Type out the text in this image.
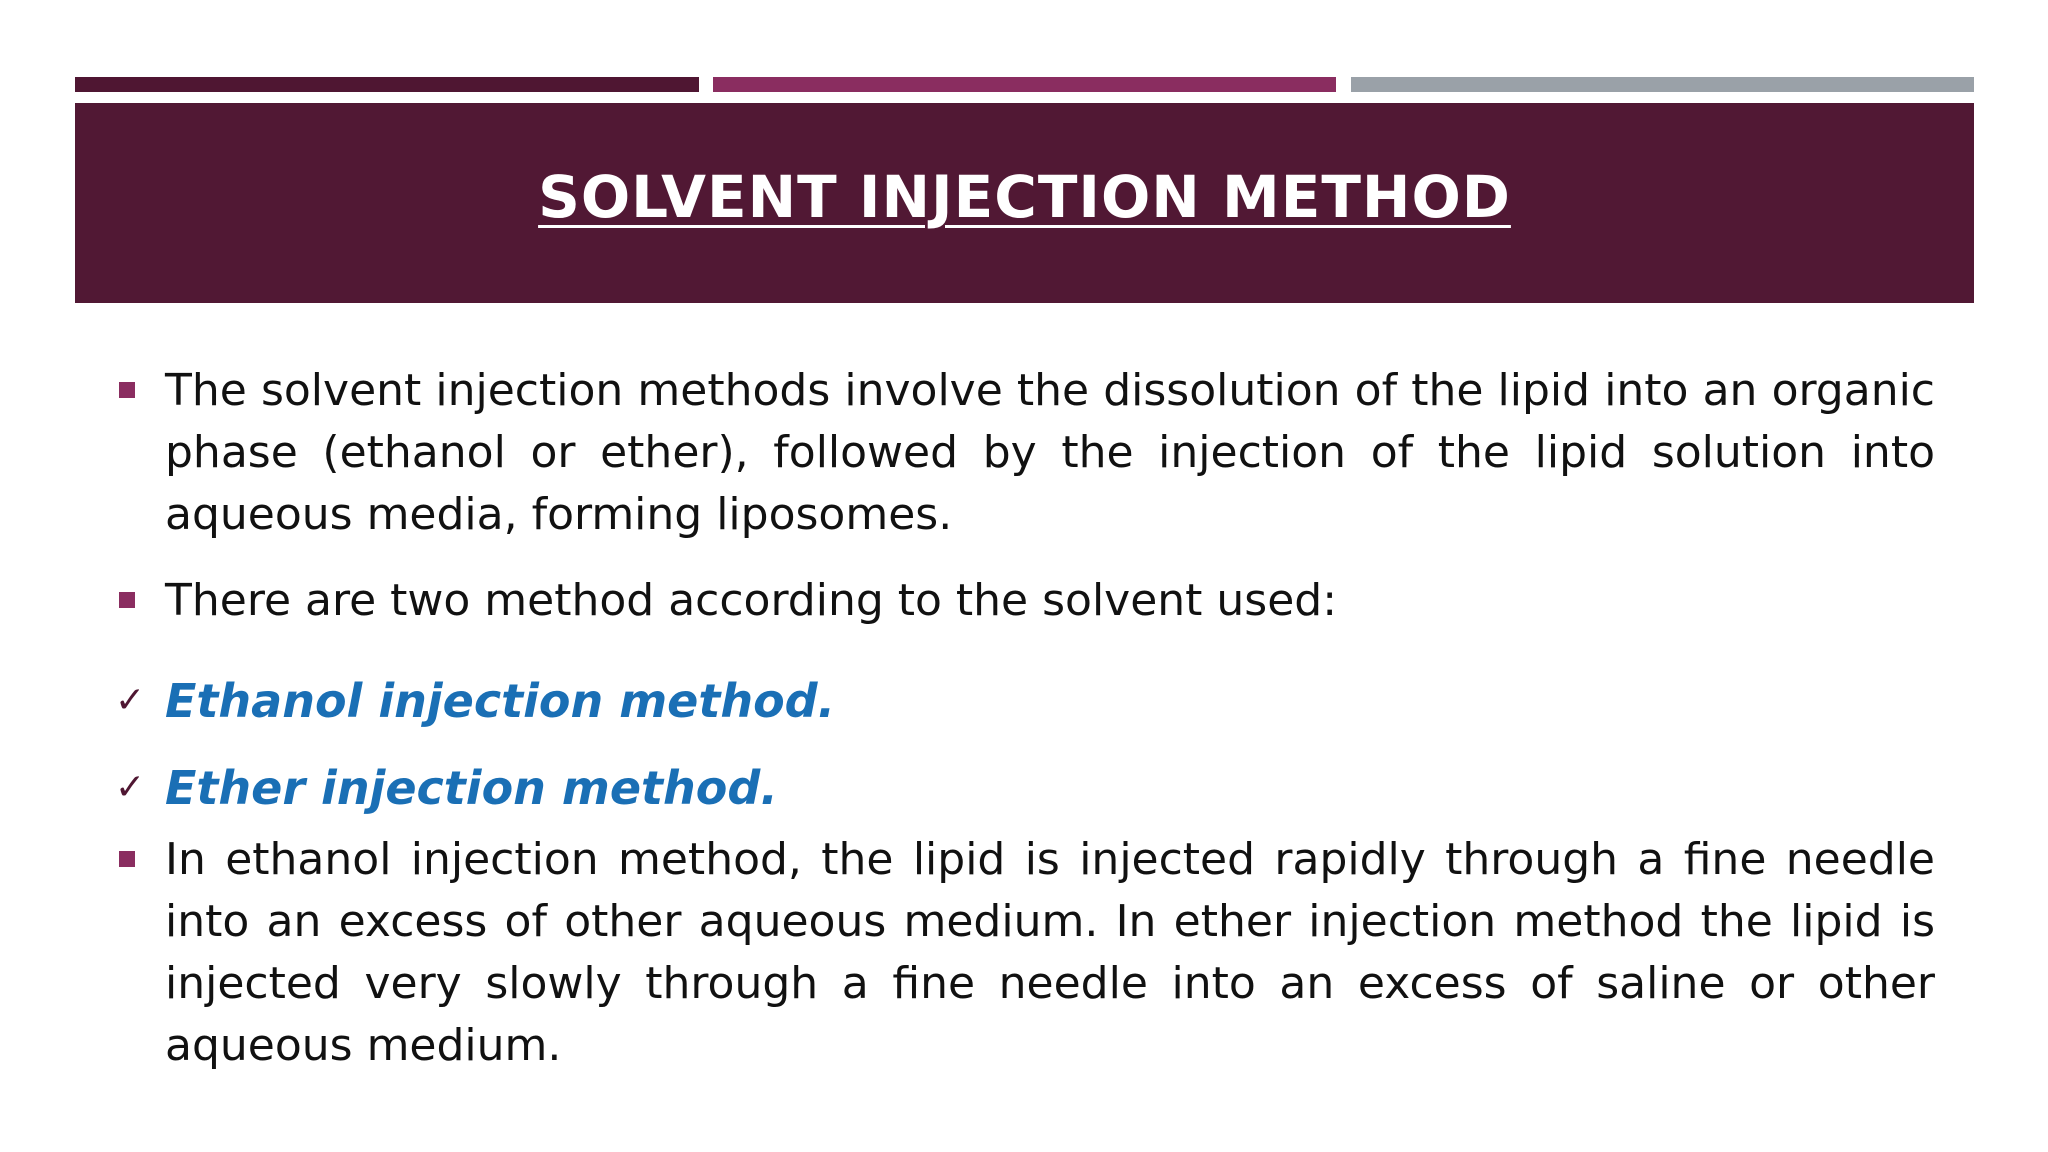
SOLVENT INJECTION METHOD
The solvent injection methods involve the dissolution of the lipid into an organic phase (ethanol or ether), followed by the injection of the lipid solution into aqueous media, forming liposomes.
There are two method according to the solvent used:
✓ Ethanol injection method.
✓ Ether injection method.
In ethanol injection method, the lipid is injected rapidly through a fine needle into an excess of other aqueous medium. In ether injection method the lipid is injected very slowly through a fine needle into an excess of saline or other aqueous medium.
